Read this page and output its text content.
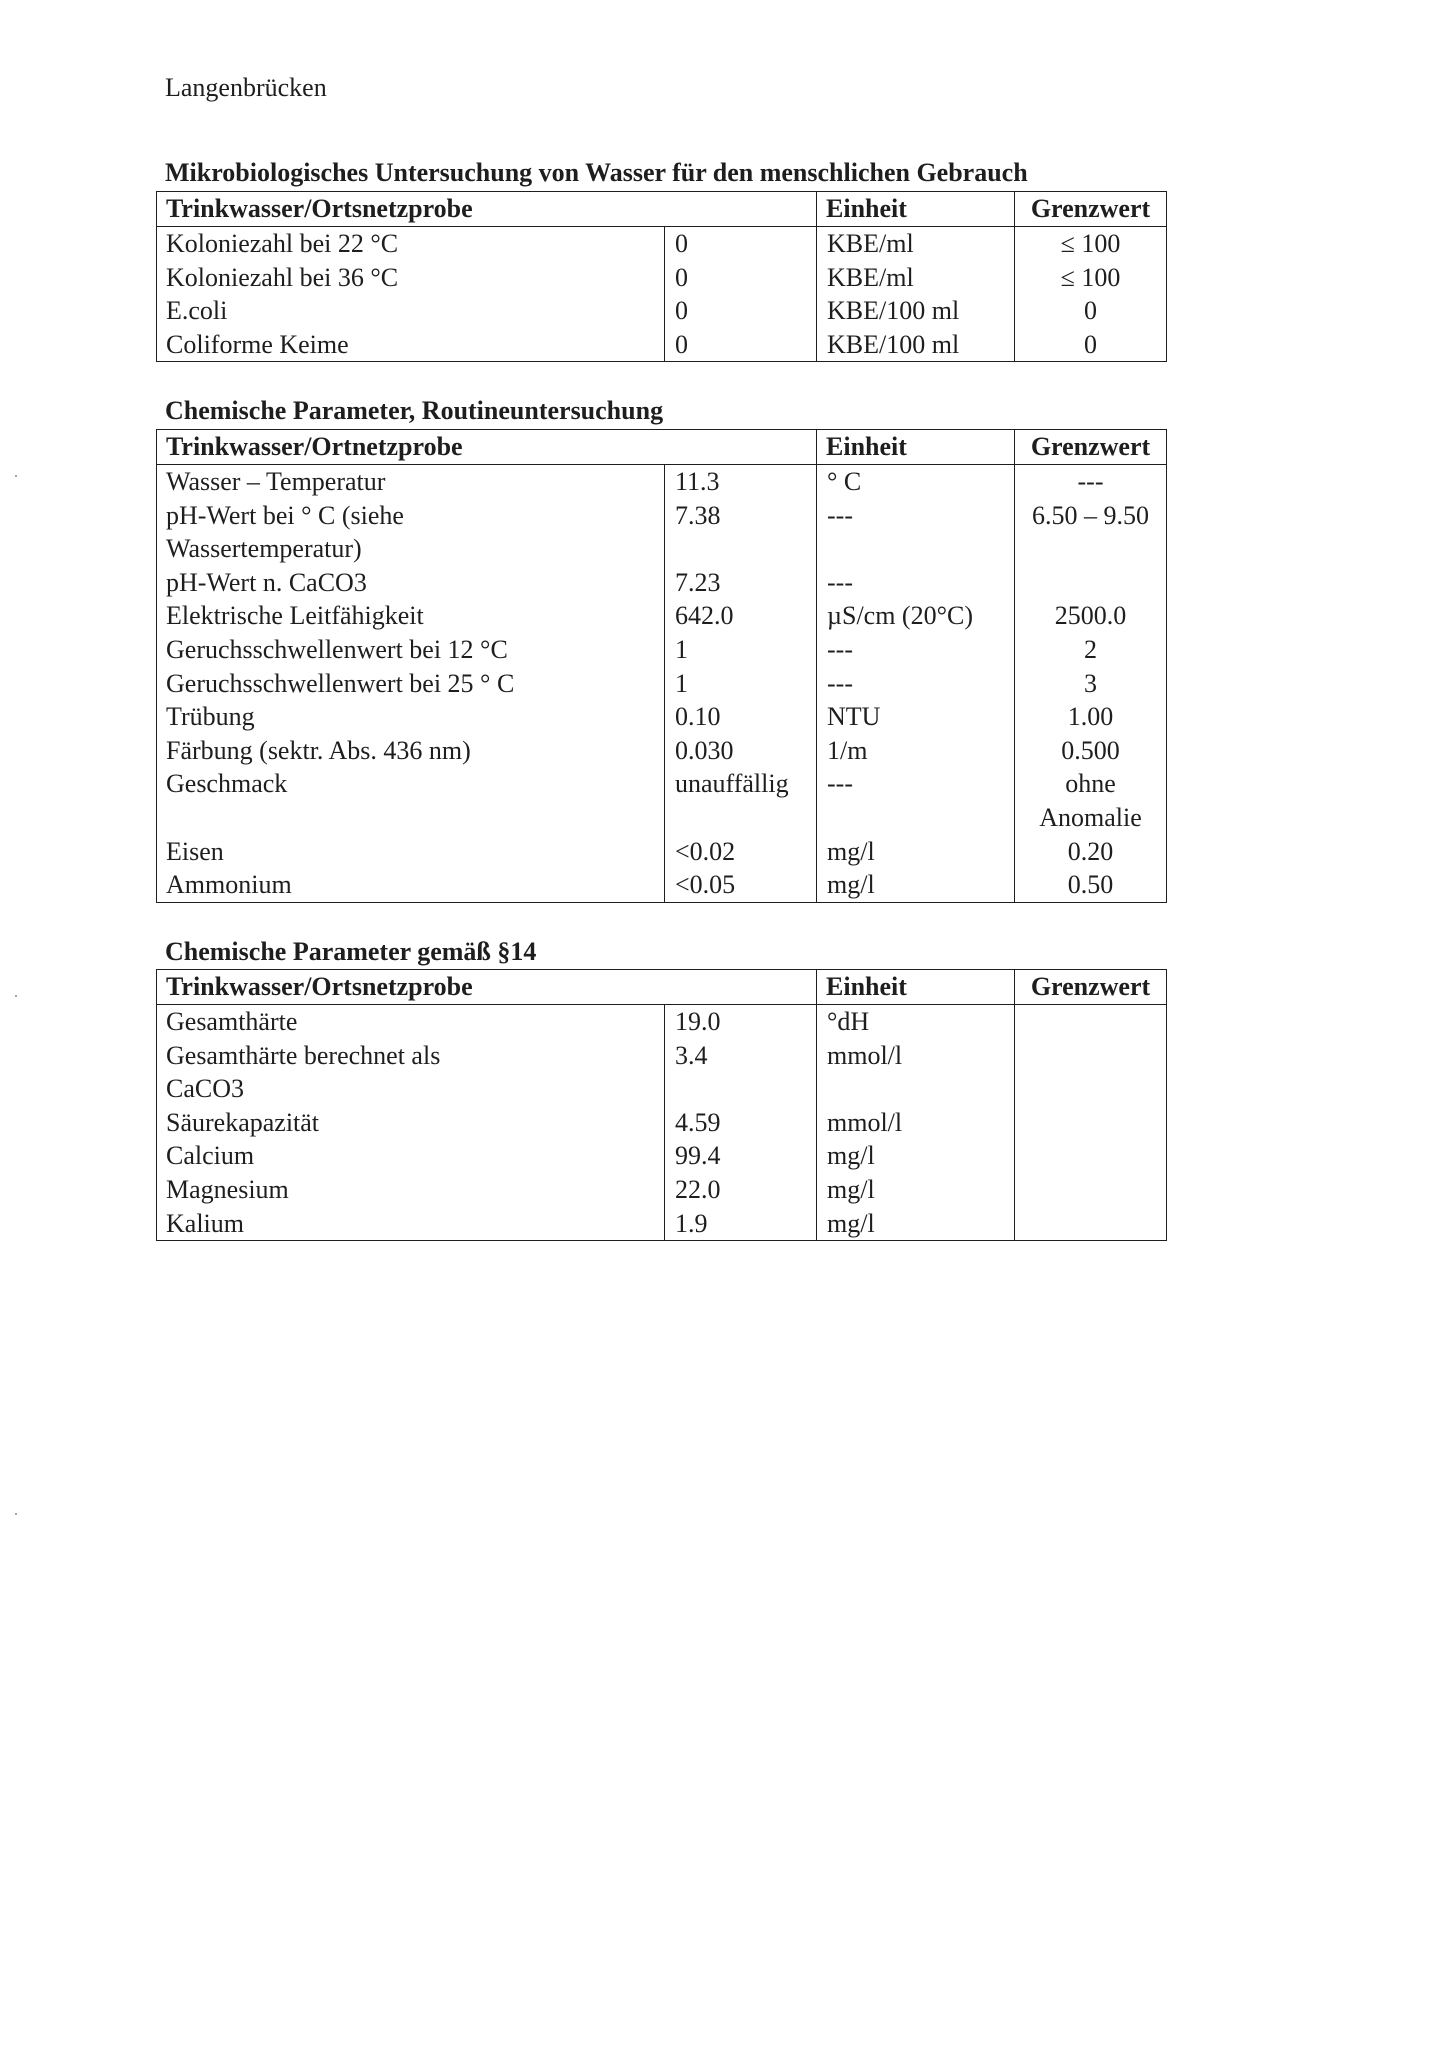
Langenbrücken
Mikrobiologisches Untersuchung von Wasser für den menschlichen Gebrauch
Trinkwasser/Ortsnetzprobe		Einheit	Grenzwert

Koloniezahl bei 22 °C	0	KBE/ml	≤ 100

Koloniezahl bei 36 °C	0	KBE/ml	≤ 100

E.coli	0	KBE/100 ml	0

Coliforme Keime	0	KBE/100 ml	0
Chemische Parameter, Routineuntersuchung
Trinkwasser/Ortnetzprobe		Einheit	Grenzwert

Wasser – Temperatur	11.3	° C	---

pH-Wert bei ° C (siehe
Wassertemperatur)	7.38	---	6.50 – 9.50

pH-Wert n. CaCO3	7.23	---	

Elektrische Leitfähigkeit	642.0	µS/cm (20°C)	2500.0

Geruchsschwellenwert bei 12 °C	1	---	2

Geruchsschwellenwert bei 25 ° C	1	---	3

Trübung	0.10	NTU	1.00

Färbung (sektr. Abs. 436 nm)	0.030	1/m	0.500

Geschmack	unauffällig	---	ohne
Anomalie

Eisen	<0.02	mg/l	0.20

Ammonium	<0.05	mg/l	0.50
Chemische Parameter gemäß §14
Trinkwasser/Ortsnetzprobe		Einheit	Grenzwert

Gesamthärte	19.0	°dH	

Gesamthärte berechnet als
CaCO3	3.4	mmol/l	

Säurekapazität	4.59	mmol/l	

Calcium	99.4	mg/l	

Magnesium	22.0	mg/l	

Kalium	1.9	mg/l	
